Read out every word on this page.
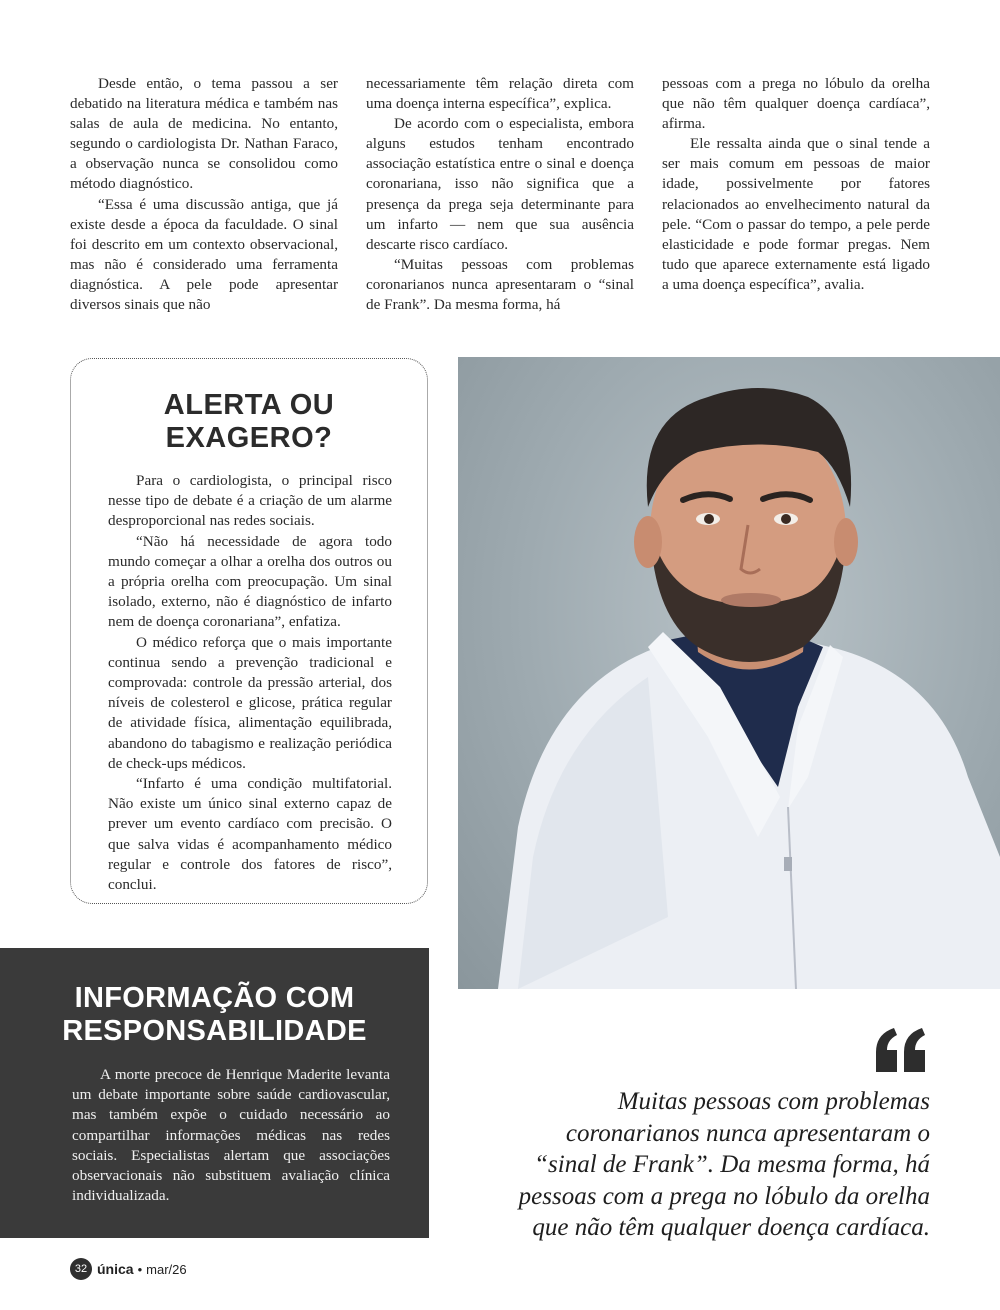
Desde então, o tema passou a ser debatido na literatura médica e também nas salas de aula de medicina. No entanto, segundo o cardiologista Dr. Nathan Faraco, a observação nunca se consolidou como método diagnóstico.

“Essa é uma discussão antiga, que já existe desde a época da faculdade. O sinal foi descrito em um contexto observacional, mas não é considerado uma ferramenta diagnóstica. A pele pode apresentar diversos sinais que não

necessariamente têm relação direta com uma doença interna específica”, explica.

De acordo com o especialista, embora alguns estudos tenham encontrado associação estatística entre o sinal e doença coronariana, isso não significa que a presença da prega seja determinante para um infarto — nem que sua ausência descarte risco cardíaco.

“Muitas pessoas com problemas coronarianos nunca apresentaram o “sinal de Frank”. Da mesma forma, há

pessoas com a prega no lóbulo da orelha que não têm qualquer doença cardíaca”, afirma.

Ele ressalta ainda que o sinal tende a ser mais comum em pessoas de maior idade, possivelmente por fatores relacionados ao envelhecimento natural da pele. “Com o passar do tempo, a pele perde elasticidade e pode formar pregas. Nem tudo que aparece externamente está ligado a uma doença específica”, avalia.

ALERTA OU
EXAGERO?

Para o cardiologista, o principal risco nesse tipo de debate é a criação de um alarme desproporcional nas redes sociais.

“Não há necessidade de agora todo mundo começar a olhar a orelha dos outros ou a própria orelha com preocupação. Um sinal isolado, externo, não é diagnóstico de infarto nem de doença coronariana”, enfatiza.

O médico reforça que o mais importante continua sendo a prevenção tradicional e comprovada: controle da pressão arterial, dos níveis de colesterol e glicose, prática regular de atividade física, alimentação equilibrada, abandono do tabagismo e realização periódica de check-ups médicos.

“Infarto é uma condição multifatorial. Não existe um único sinal externo capaz de prever um evento cardíaco com precisão. O que salva vidas é acompanhamento médico regular e controle dos fatores de risco”, conclui.

INFORMAÇÃO COM
RESPONSABILIDADE

A morte precoce de Henrique Maderite levanta um debate importante sobre saúde cardiovascular, mas também expõe o cuidado necessário ao compartilhar informações médicas nas redes sociais. Especialistas alertam que associações observacionais não substituem avaliação clínica individualizada.

Muitas pessoas com problemas
coronarianos nunca apresentaram o
“sinal de Frank”. Da mesma forma, há
pessoas com a prega no lóbulo da orelha
que não têm qualquer doença cardíaca.
32 única • mar/26
